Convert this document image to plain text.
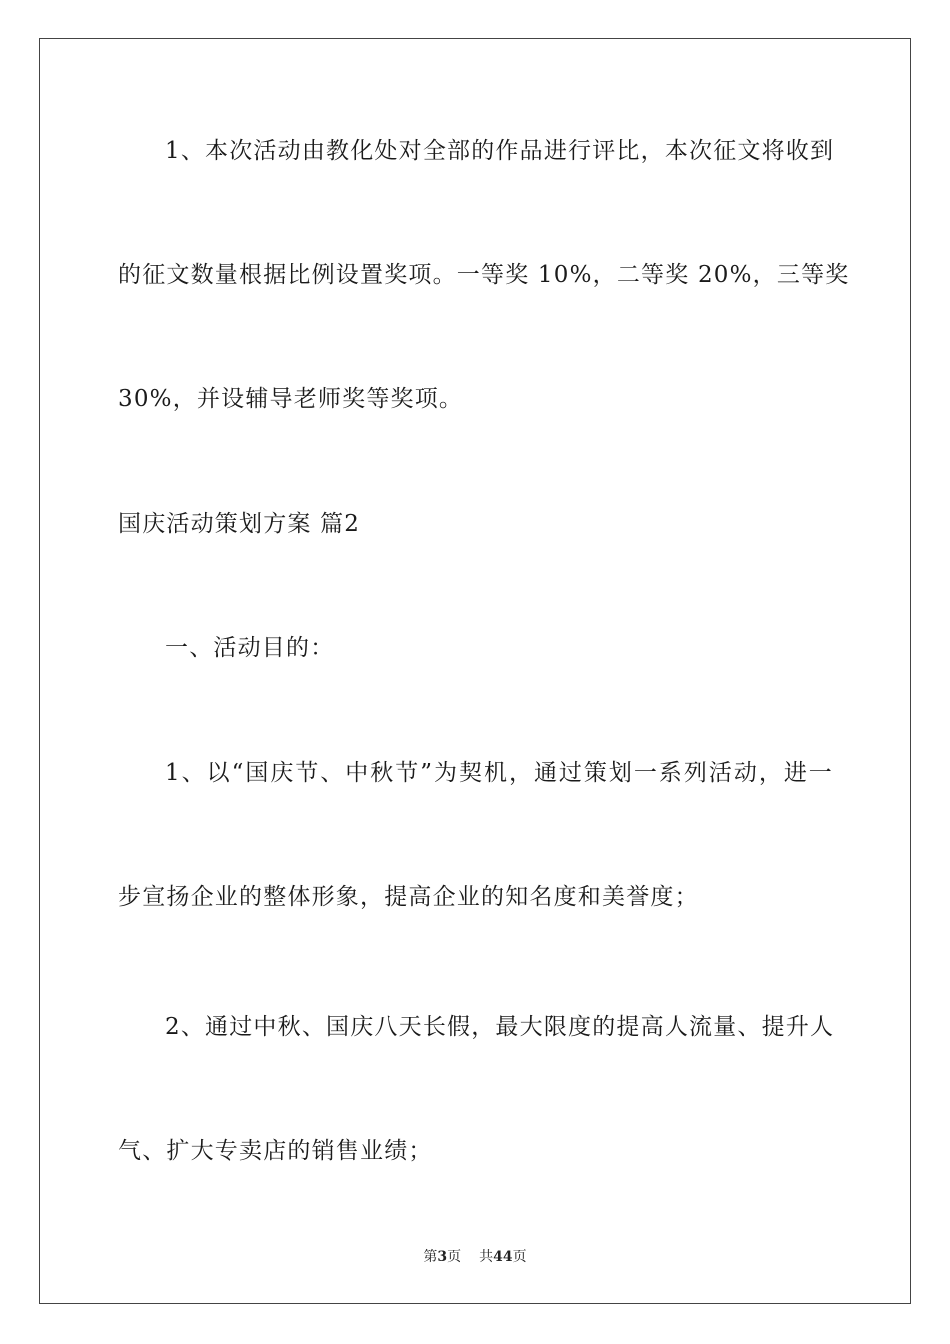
1、本次活动由教化处对全部的作品进行评比，本次征文将收到
的征文数量根据比例设置奖项。一等奖 10%，二等奖 20%，三等奖
30%，并设辅导老师奖等奖项。
国庆活动策划方案 篇2
一、活动目的：
1、以“国庆节、中秋节”为契机，通过策划一系列活动，进一
步宣扬企业的整体形象，提高企业的知名度和美誉度；
2、通过中秋、国庆八天长假，最大限度的提高人流量、提升人
气、扩大专卖店的销售业绩；
第3页 共44页
